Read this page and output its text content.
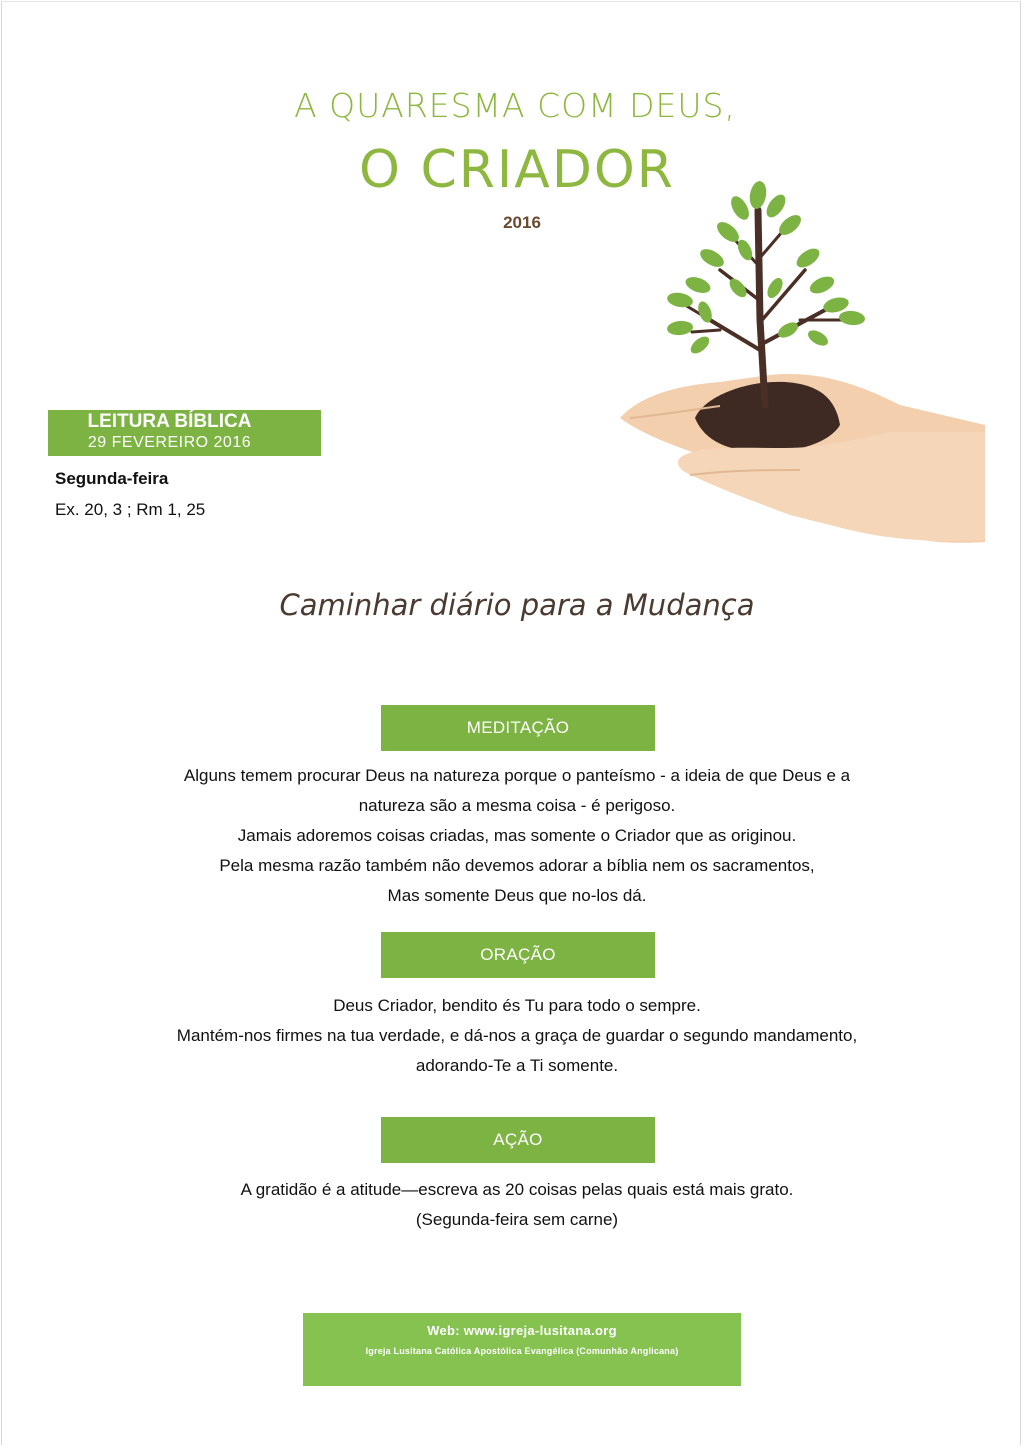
A QUARESMA COM DEUS,
O CRIADOR
2016
LEITURA BÍBLICA
29 FEVEREIRO 2016
Segunda-feira
Ex. 20, 3 ; Rm 1, 25
Caminhar diário para a Mudança
MEDITAÇÃO
Alguns temem procurar Deus na natureza porque o panteísmo - a ideia de que Deus e a
natureza são a mesma coisa - é perigoso.
Jamais adoremos coisas criadas, mas somente o Criador que as originou.
Pela mesma razão também não devemos adorar a bíblia nem os sacramentos,
Mas somente Deus que no-los dá.
ORAÇÃO
Deus Criador, bendito és Tu para todo o sempre.
Mantém-nos firmes na tua verdade, e dá-nos a graça de guardar o segundo mandamento,
adorando-Te a Ti somente.
AÇÃO
A gratidão é a atitude—escreva as 20 coisas pelas quais está mais grato.
(Segunda-feira sem carne)
Web: www.igreja-lusitana.org
Igreja Lusitana Católica Apostólica Evangélica (Comunhão Anglicana)
